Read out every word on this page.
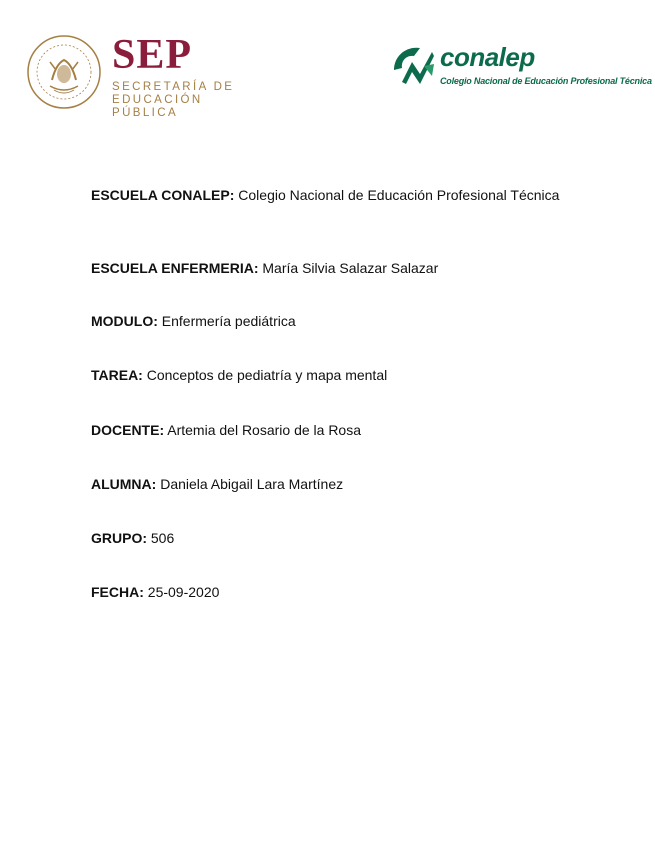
SEP
SECRETARÍA DE
EDUCACIÓN PÚBLICA
conalep
Colegio Nacional de Educación Profesional Técnica
ESCUELA CONALEP: Colegio Nacional de Educación Profesional Técnica
ESCUELA ENFERMERIA: María Silvia Salazar Salazar
MODULO: Enfermería pediátrica
TAREA: Conceptos de pediatría y mapa mental
DOCENTE: Artemia del Rosario de la Rosa
ALUMNA: Daniela Abigail Lara Martínez
GRUPO: 506
FECHA: 25-09-2020
